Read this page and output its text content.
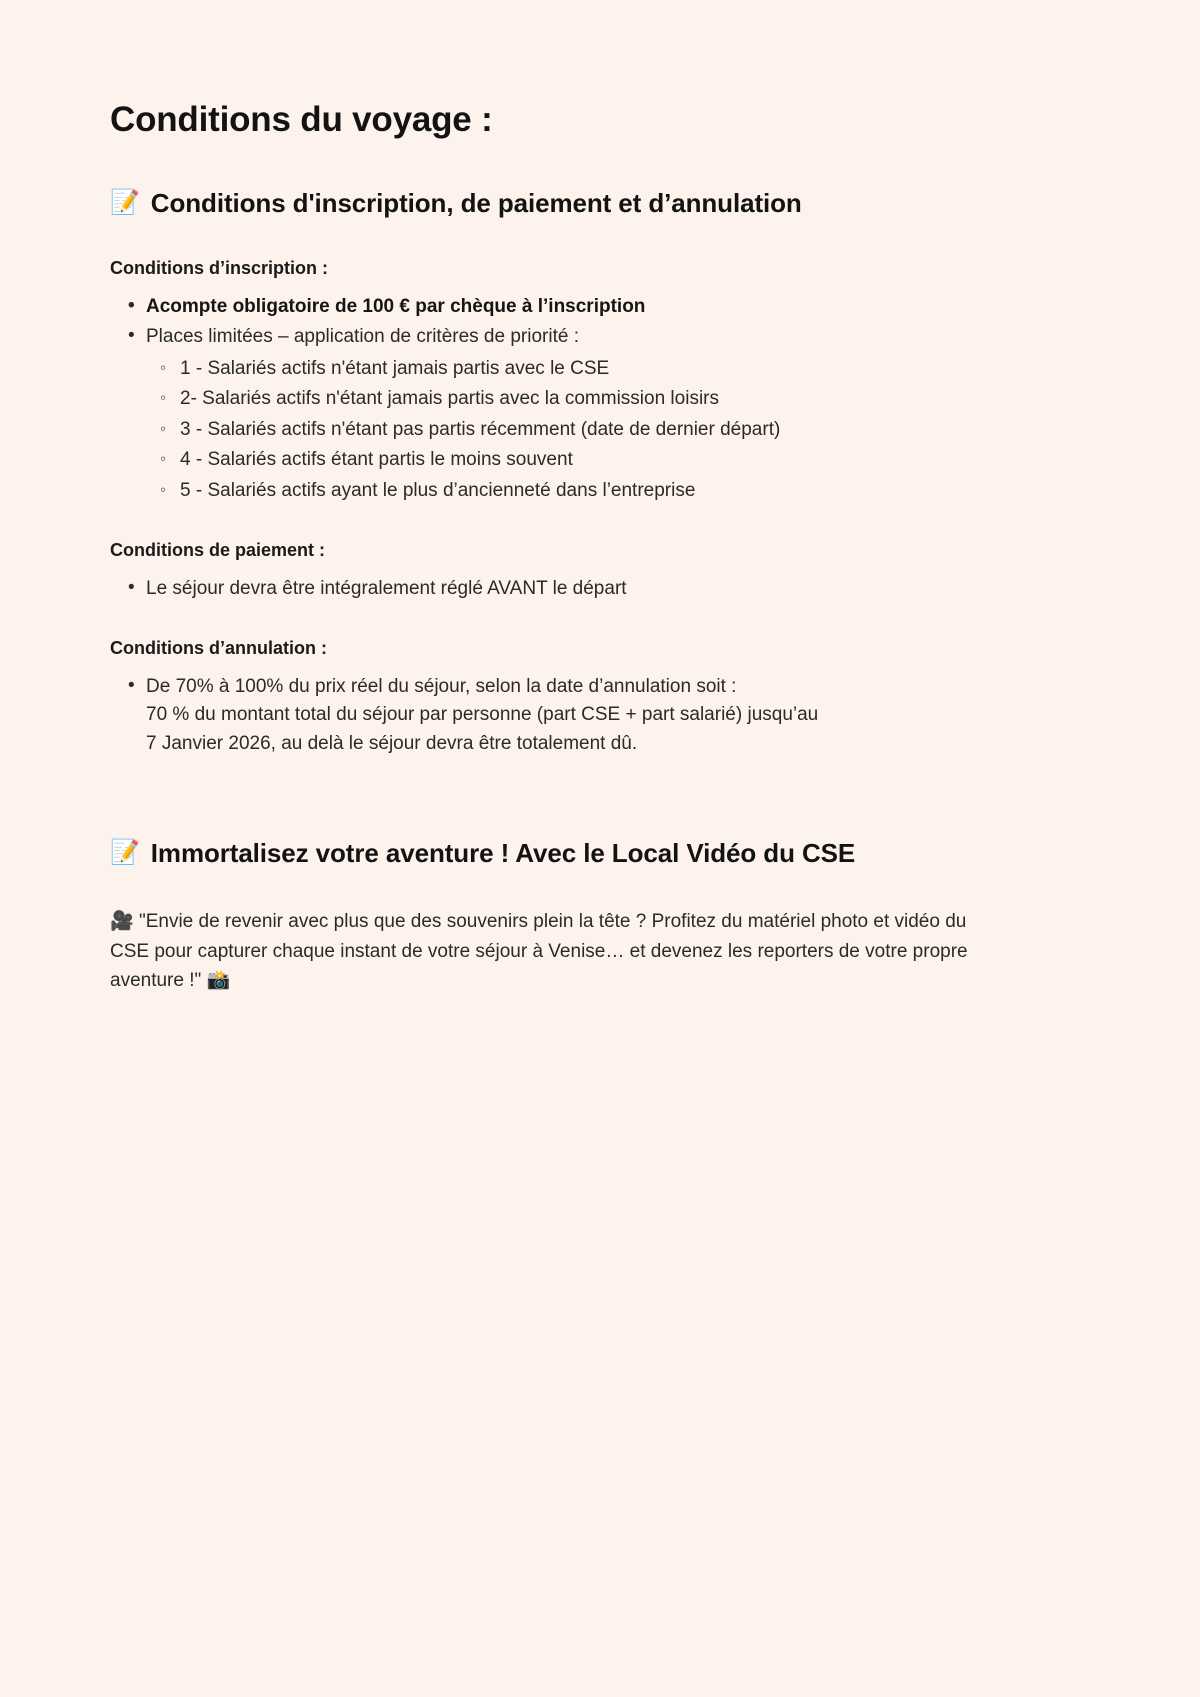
Conditions du voyage :
📝 Conditions d'inscription, de paiement et d’annulation
Conditions d’inscription :
• Acompte obligatoire de 100 € par chèque à l’inscription
• Places limitées – application de critères de priorité :
◦ 1 - Salariés actifs n'étant jamais partis avec le CSE
◦ 2- Salariés actifs n'étant jamais partis avec la commission loisirs
◦ 3 - Salariés actifs n'étant pas partis récemment (date de dernier départ)
◦ 4 - Salariés actifs étant partis le moins souvent
◦ 5 - Salariés actifs ayant le plus d’ancienneté dans l’entreprise
Conditions de paiement :
• Le séjour devra être intégralement réglé AVANT le départ
Conditions d’annulation :
• De 70% à 100% du prix réel du séjour, selon la date d’annulation soit :
70 % du montant total du séjour par personne (part CSE + part salarié) jusqu’au
7 Janvier 2026, au delà le séjour devra être totalement dû.
📝 Immortalisez votre aventure ! Avec le Local Vidéo du CSE

🎥 "Envie de revenir avec plus que des souvenirs plein la tête ? Profitez du matériel photo et vidéo du CSE pour capturer chaque instant de votre séjour à Venise… et devenez les reporters de votre propre aventure !" 📸
